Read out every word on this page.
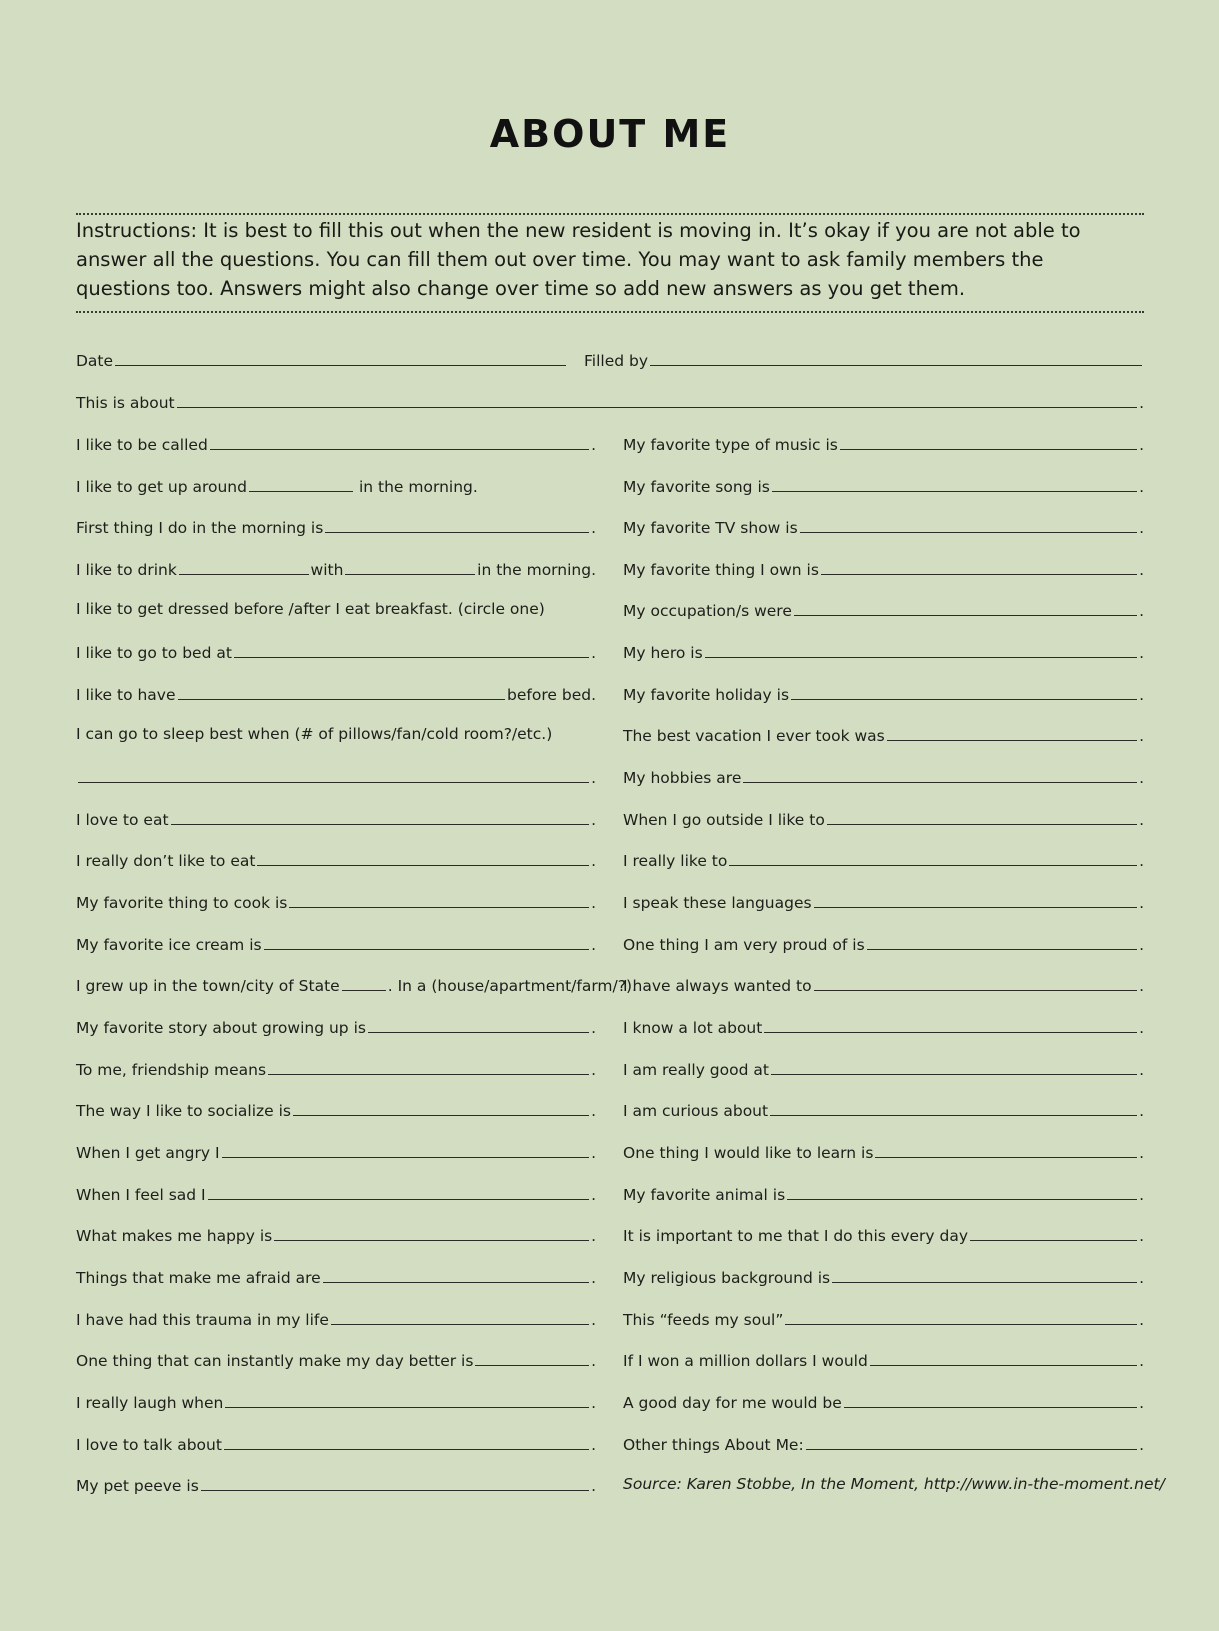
ABOUT ME

Instructions: It is best to fill this out when the new resident is moving in. It’s okay if you are not able to answer all the questions. You can fill them out over time. You may want to ask family members the questions too. Answers might also change over time so add new answers as you get them.

Date	Filled by
This is about	.
I like to be called	.
I like to get up around	in the morning.
First thing I do in the morning is	.
I like to drink	with	in the morning.
I like to get dressed before /after I eat breakfast. (circle one)
I like to go to bed at	.
I like to have	before bed.
I can go to sleep best when (# of pillows/fan/cold room?/etc.)
.
I love to eat	.
I really don’t like to eat	.
My favorite thing to cook is	.
My favorite ice cream is	.
I grew up in the town/city of State	. In a (house/apartment/farm/?).
My favorite story about growing up is	.
To me, friendship means	.
The way I like to socialize is	.
When I get angry I	.
When I feel sad I	.
What makes me happy is	.
Things that make me afraid are	.
I have had this trauma in my life	.
One thing that can instantly make my day better is	.
I really laugh when	.
I love to talk about	.
My pet peeve is	.
My favorite type of music is	.
My favorite song is	.
My favorite TV show is	.
My favorite thing I own is	.
My occupation/s were	.
My hero is	.
My favorite holiday is	.
The best vacation I ever took was	.
My hobbies are	.
When I go outside I like to	.
I really like to	.
I speak these languages	.
One thing I am very proud of is	.
I have always wanted to	.
I know a lot about	.
I am really good at	.
I am curious about	.
One thing I would like to learn is	.
My favorite animal is	.
It is important to me that I do this every day	.
My religious background is	.
This “feeds my soul”	.
If I won a million dollars I would	.
A good day for me would be	.
Other things About Me:	.
Source: Karen Stobbe, In the Moment, http://www.in-the-moment.net/
